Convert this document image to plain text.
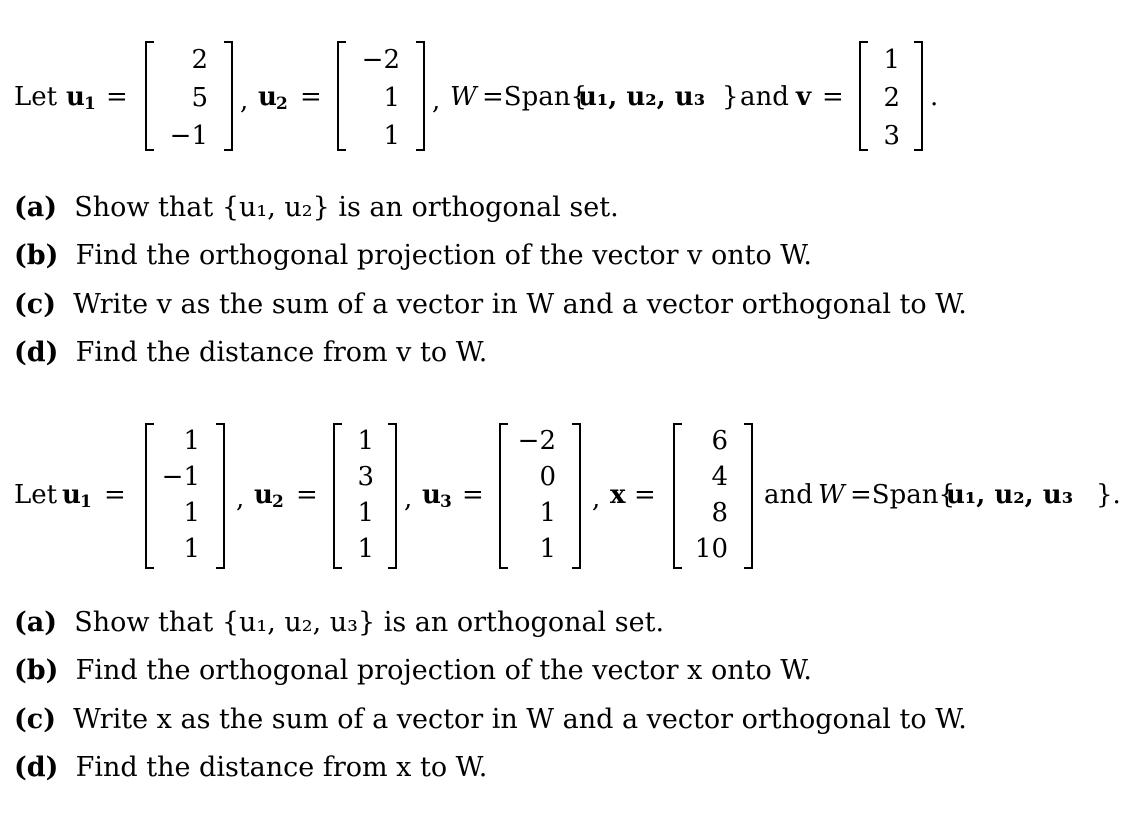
Let u 1 =
2
5
−1
, u 2 =
−2
1
1
, W =Span{
u₁, u₂, u₃ } and v =
1
2
3
.
(a) Show that {u₁, u₂} is an orthogonal set.
(b) Find the orthogonal projection of the vector v onto W.
(c) Write v as the sum of a vector in W and a vector orthogonal to W.
(d) Find the distance from v to W.
Let u 1 =
1
−1
1
1
, u 2 =
1
3
1
1
, u 3 =
−2
0
1
1
, x =
6
4
8
10
and W =Span{
u₁, u₂, u₃ }.
(a) Show that {u₁, u₂, u₃} is an orthogonal set.
(b) Find the orthogonal projection of the vector x onto W.
(c) Write x as the sum of a vector in W and a vector orthogonal to W.
(d) Find the distance from x to W.
